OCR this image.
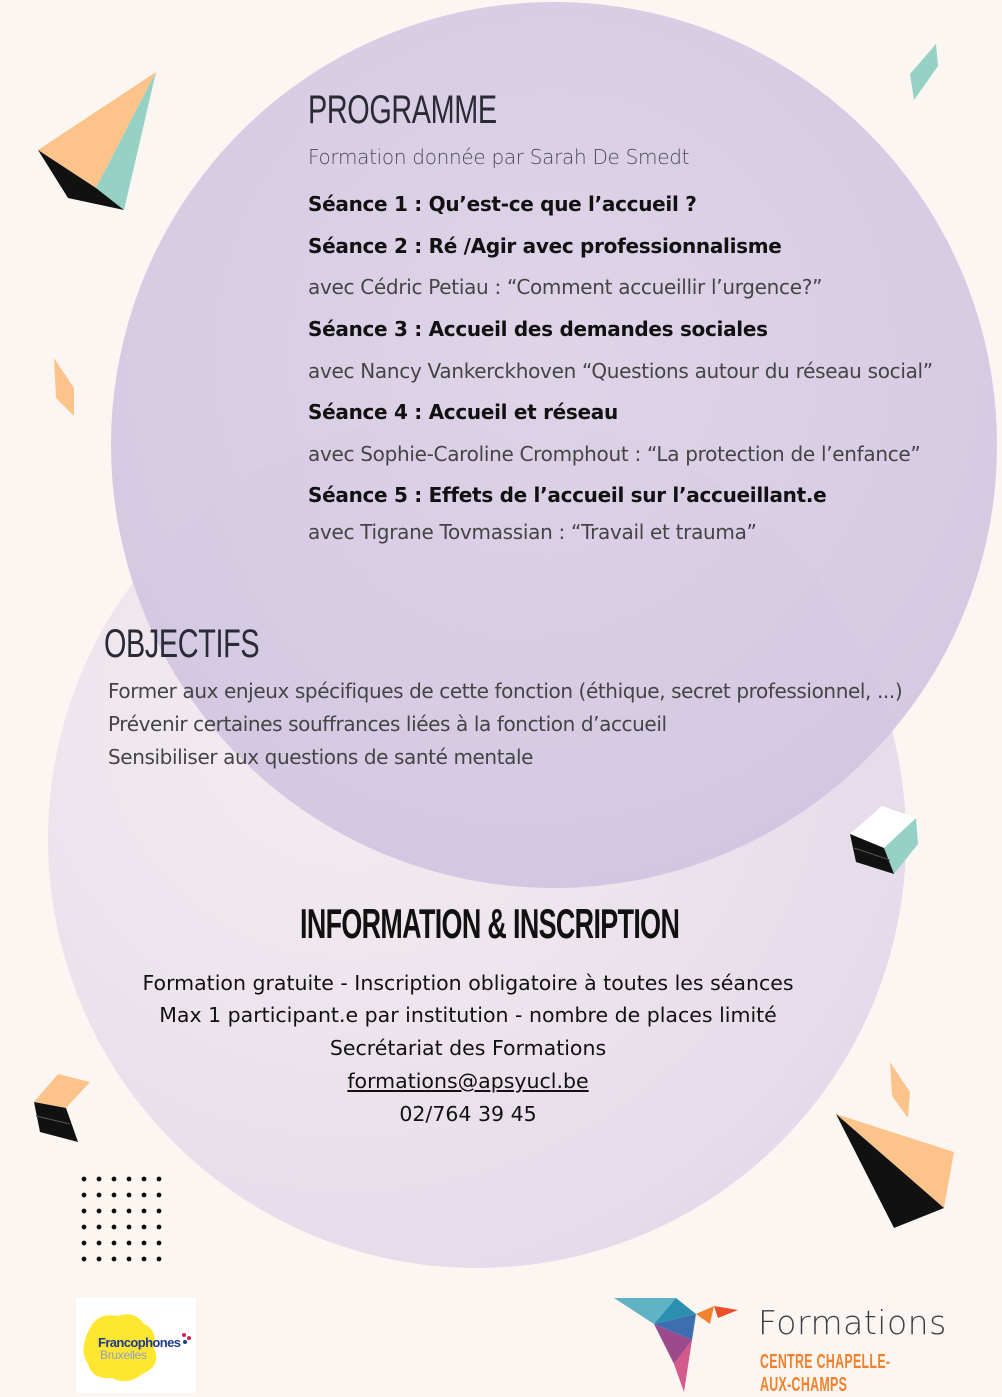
PROGRAMME
Formation donnée par Sarah De Smedt
Séance 1 : Qu’est-ce que l’accueil ?
Séance 2 : Ré /Agir avec professionnalisme
avec Cédric Petiau : “Comment accueillir l’urgence?”
Séance 3 : Accueil des demandes sociales
avec Nancy Vankerckhoven “Questions autour du réseau social”
Séance 4 : Accueil et réseau
avec Sophie-Caroline Cromphout : “La protection de l’enfance”
Séance 5 : Effets de l’accueil sur l’accueillant.e
avec Tigrane Tovmassian : “Travail et trauma”
OBJECTIFS
Former aux enjeux spécifiques de cette fonction (éthique, secret professionnel, ...)
Prévenir certaines souffrances liées à la fonction d’accueil
Sensibiliser aux questions de santé mentale
INFORMATION & INSCRIPTION
Formation gratuite - Inscription obligatoire à toutes les séances
Max 1 participant.e par institution - nombre de places limité
Secrétariat des Formations
formations@apsyucl.be
02/764 39 45
Francophones
Bruxelles
Formations
CENTRE CHAPELLE-AUX-CHAMPS
